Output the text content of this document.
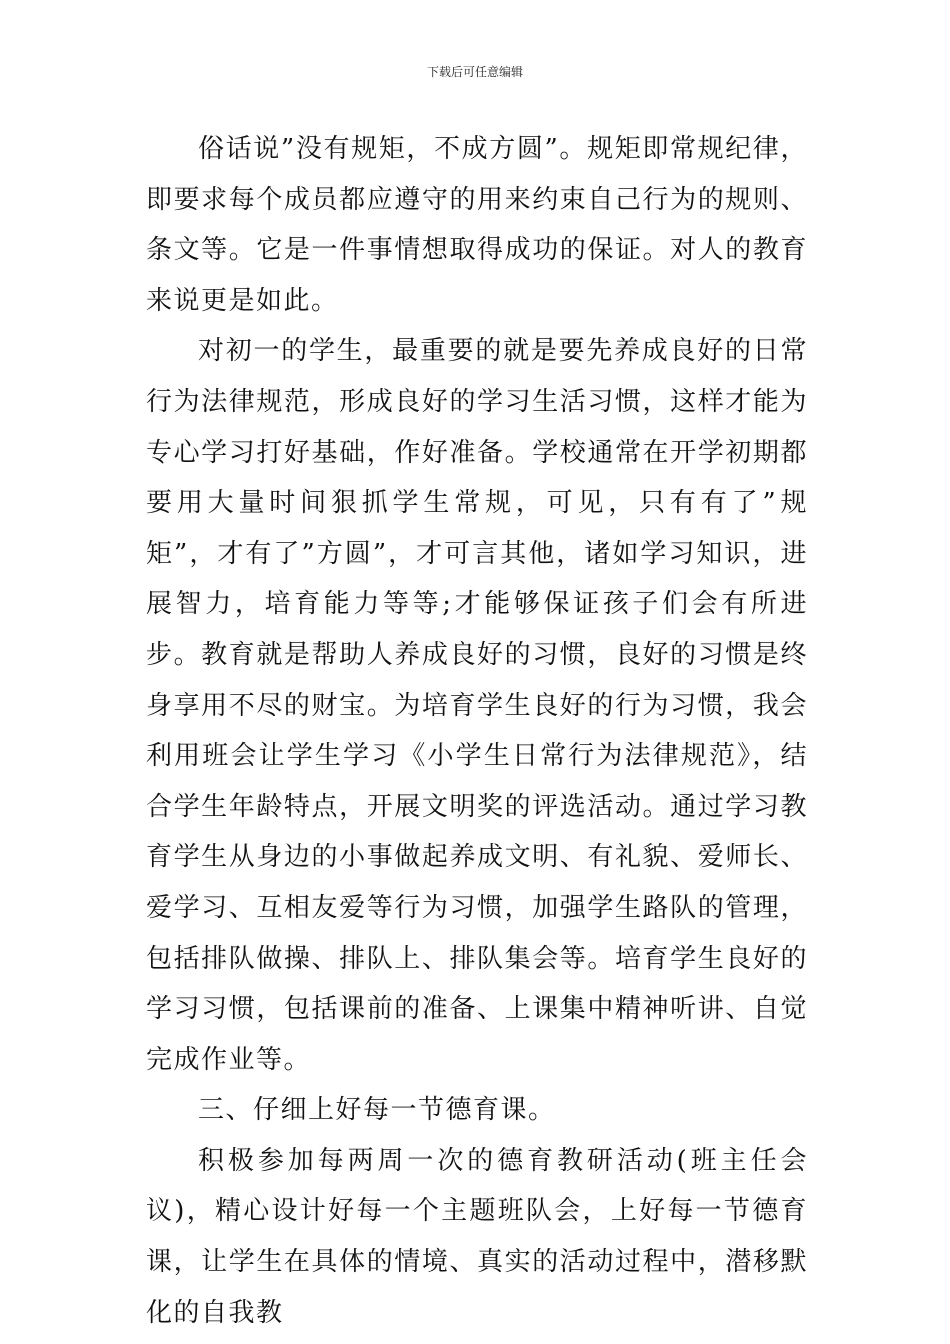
下载后可任意编辑

俗话说”没有规矩，不成方圆”。规矩即常规纪律，即要求每个成员都应遵守的用来约束自己行为的规则、条文等。它是一件事情想取得成功的保证。对人的教育来说更是如此。

对初一的学生，最重要的就是要先养成良好的日常行为法律规范，形成良好的学习生活习惯，这样才能为专心学习打好基础，作好准备。学校通常在开学初期都要用大量时间狠抓学生常规，可见，只有有了”规矩”，才有了”方圆”，才可言其他，诸如学习知识，进展智力，培育能力等等;才能够保证孩子们会有所进步。教育就是帮助人养成良好的习惯，良好的习惯是终身享用不尽的财宝。为培育学生良好的行为习惯，我会利用班会让学生学习《小学生日常行为法律规范》，结合学生年龄特点，开展文明奖的评选活动。通过学习教育学生从身边的小事做起养成文明、有礼貌、爱师长、爱学习、互相友爱等行为习惯，加强学生路队的管理，包括排队做操、排队上、排队集会等。培育学生良好的学习习惯，包括课前的准备、上课集中精神听讲、自觉完成作业等。

三、仔细上好每一节德育课。

积极参加每两周一次的德育教研活动(班主任会议)，精心设计好每一个主题班队会，上好每一节德育课，让学生在具体的情境、真实的活动过程中，潜移默化的自我教
